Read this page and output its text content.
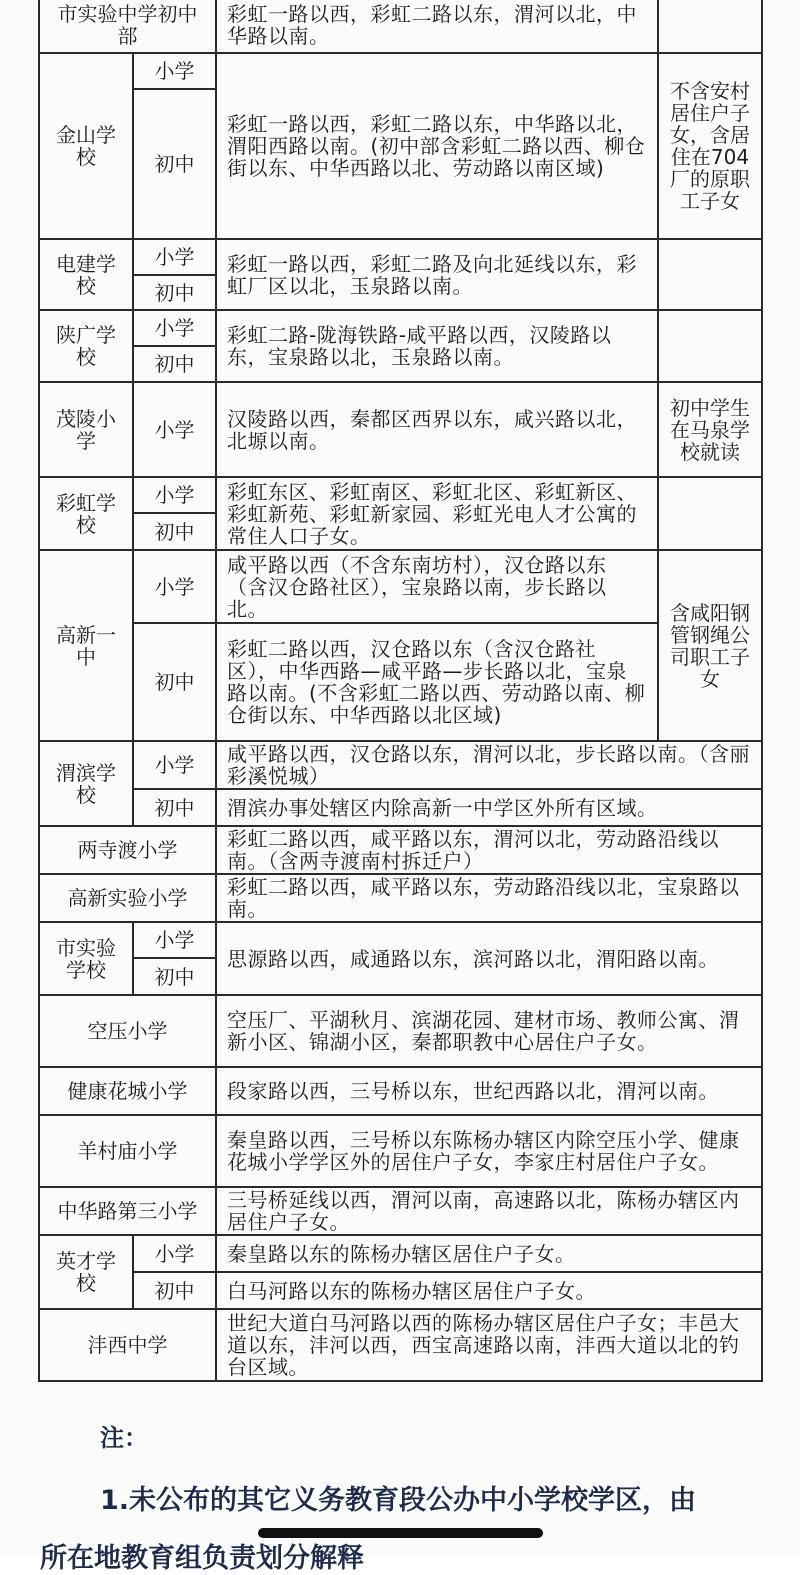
市实验中学初中部		彩虹一路以西，彩虹二路以东，渭河以北，中华路以南。	
金山学校	小学	彩虹一路以西，彩虹二路以东，中华路以北，渭阳西路以南。(初中部含彩虹二路以西、柳仓街以东、中华西路以北、劳动路以南区域)	不含安村居住户子女，含居住在704厂的原职工子女
	初中		
电建学校	小学	彩虹一路以西，彩虹二路及向北延线以东，彩虹厂区以北，玉泉路以南。	
	初中		
陕广学校	小学	彩虹二路-陇海铁路-咸平路以西，汉陵路以东，宝泉路以北，玉泉路以南。	
	初中		
茂陵小学	小学	汉陵路以西，秦都区西界以东，咸兴路以北，北塬以南。	初中学生在马泉学校就读
彩虹学校	小学	彩虹东区、彩虹南区、彩虹北区、彩虹新区、彩虹新苑、彩虹新家园、彩虹光电人才公寓的常住人口子女。	
	初中		
高新一中	小学	咸平路以西（不含东南坊村），汉仓路以东（含汉仓路社区），宝泉路以南，步长路以北。	含咸阳钢管钢绳公司职工子女
	初中	彩虹二路以西，汉仓路以东（含汉仓路社区），中华西路—咸平路—步长路以北，宝泉路以南。(不含彩虹二路以西、劳动路以南、柳仓街以东、中华西路以北区域)	
渭滨学校	小学	咸平路以西，汉仓路以东，渭河以北，步长路以南。（含丽彩溪悦城）	
	初中	渭滨办事处辖区内除高新一中学区外所有区域。	
两寺渡小学		彩虹二路以西，咸平路以东，渭河以北，劳动路沿线以南。（含两寺渡南村拆迁户）	
高新实验小学		彩虹二路以西，咸平路以东，劳动路沿线以北，宝泉路以南。	
市实验学校	小学	思源路以西，咸通路以东，滨河路以北，渭阳路以南。	
	初中		
空压小学		空压厂、平湖秋月、滨湖花园、建材市场、教师公寓、渭新小区、锦湖小区，秦都职教中心居住户子女。	
健康花城小学		段家路以西，三号桥以东，世纪西路以北，渭河以南。	
羊村庙小学		秦皇路以西，三号桥以东陈杨办辖区内除空压小学、健康花城小学学区外的居住户子女，李家庄村居住户子女。	
中华路第三小学		三号桥延线以西，渭河以南，高速路以北，陈杨办辖区内居住户子女。	
英才学校	小学	秦皇路以东的陈杨办辖区居住户子女。	
	初中	白马河路以东的陈杨办辖区居住户子女。	
沣西中学		世纪大道白马河路以西的陈杨办辖区居住户子女；丰邑大道以东，沣河以西，西宝高速路以南，沣西大道以北的钓台区域。	
注：
1.未公布的其它义务教育段公办中小学校学区，由
所在地教育组负责划分解释
